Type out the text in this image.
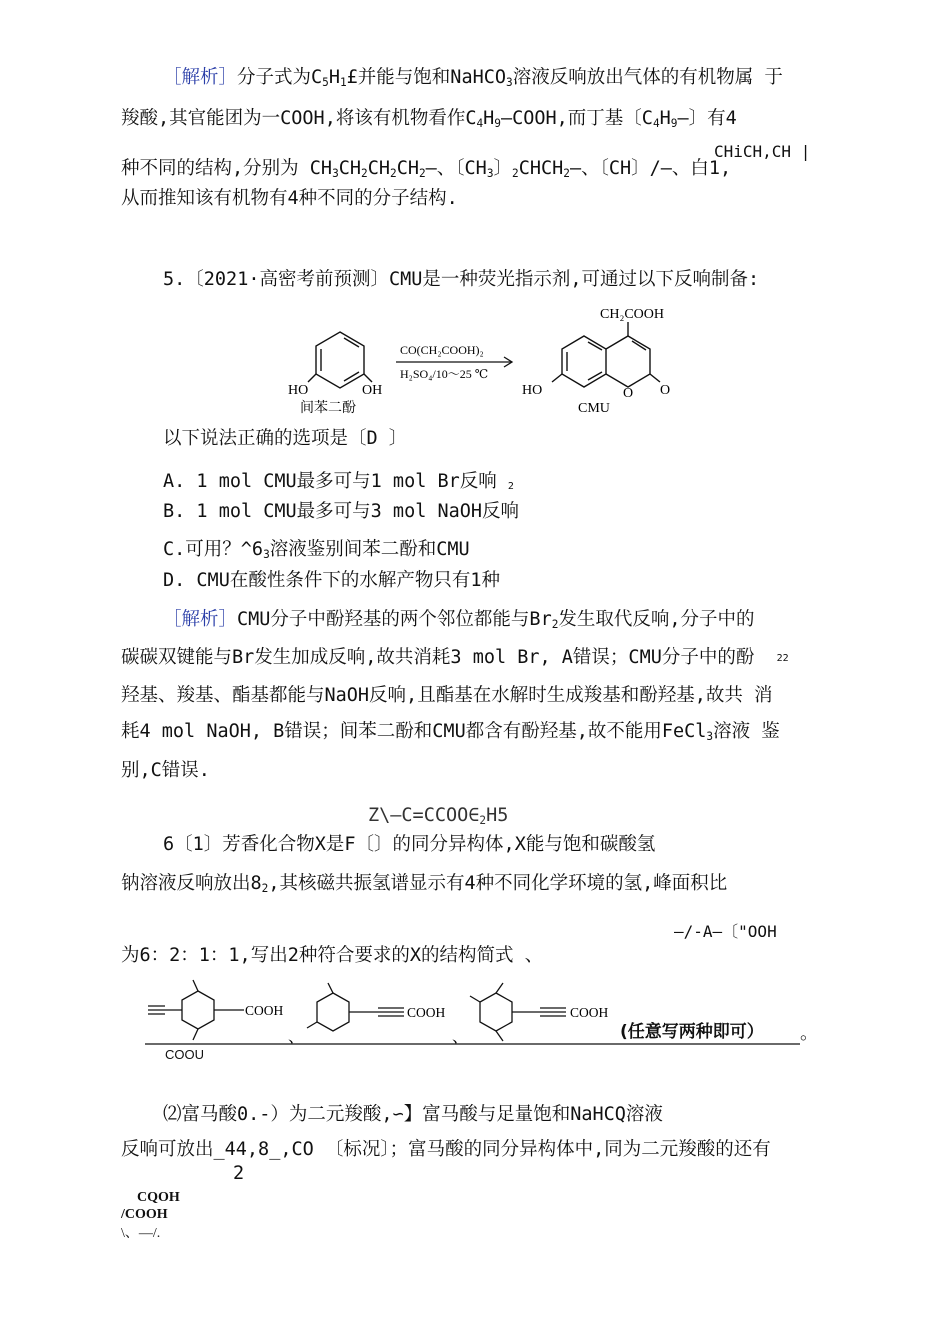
［解析］分子式为$C_5H_1£$并能与饱和NaHCO$_3$溶液反响放出气体的有机物属 于
羧酸,其官能团为一COOH,将该有机物看作$C_4H_9—COOH$,而丁基〔$C_4H_9—$〕有4
CHiCH,CH |
种不同的结构,分别为 $CH_3CH_2CH_2CH_2—$、〔$CH_3$〕$_2CHCH_2—$、〔CH〕/—、白1,
从而推知该有机物有4种不同的分子结构.
5.〔2021·高密考前预测〕CMU是一种荧光指示剂,可通过以下反响制备:
HO	OH
间苯二酚
CO(CH₂COOH)₂
H₂SO₄/10～25 ℃
CH₂COOH
HO	O O
CMU
以下说法正确的选项是〔D 〕
A. 1 mol CMU最多可与1 mol Br反响 2
B. 1 mol CMU最多可与3 mol NaOH反响
C.可用？$\^{}6_3$溶液鉴别间苯二酚和CMU
D. CMU在酸性条件下的水解产物只有1种
［解析］CMU分子中酚羟基的两个邻位都能与$Br_2$发生取代反响,分子中的
碳碳双键能与Br发生加成反响,故共消耗3 mol Br, A错误；CMU分子中的酚 22
羟基、羧基、酯基都能与NaOH反响,且酯基在水解时生成羧基和酚羟基,故共 消
耗4 mol NaOH, B错误；间苯二酚和CMU都含有酚羟基,故不能用FeCl$_3$溶液 鉴
别,C错误.
$Z\backslash—C=CCOO\in_2H5$
6〔1〕芳香化合物X是F〔〕的同分异构体,X能与饱和碳酸氢
钠溶液反响放出$8_2$,其核磁共振氢谱显示有4种不同化学环境的氢,峰面积比
—/-A—〔"OOH
为6：2：1：1,写出2种符合要求的X的结构简式 、
COOH	COOH
、
COOH
、	(任意写两种即可） 。
COOU
⑵富马酸0.-）为二元羧酸,∽】富马酸与足量饱和NaHCQ溶液
反响可放出_44,8_,CO 〔标况〕；富马酸的同分异构体中,同为二元羧酸的还有
2
CQOH
/COOH
\、—/.
